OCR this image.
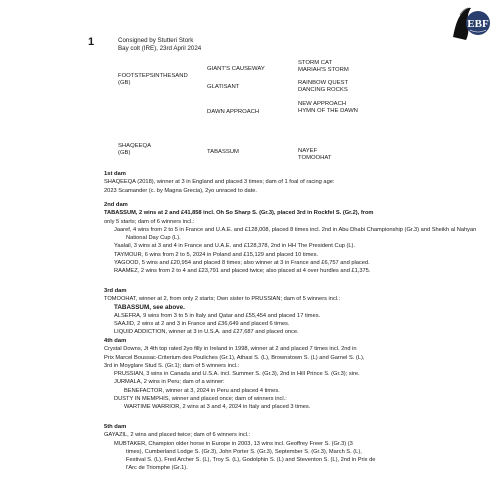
EBF
1	Consigned by Stutteri Stork
Bay colt (IRE), 23rd April 2024
FOOTSTEPSINTHESAND
(GB)
GIANT'S CAUSEWAY
GLATISANT
STORM CAT
MARIAH'S STORM
RAINBOW QUEST
DANCING ROCKS
SHAQEEQA
(GB)
DAWN APPROACH
TABASSUM
NEW APPROACH
HYMN OF THE DAWN
NAYEF
TOMOOHAT

1st dam

SHAQEEQA (2018), winner at 3 in England and placed 3 times; dam of 1 foal of racing age:

2023 Scamander (c. by Magna Grecia), 2yo unraced to date.

2nd dam

TABASSUM, 2 wins at 2 and £41,858 incl. Oh So Sharp S. (Gr.3), placed 3rd in Rockfel S. (Gr.2), from

only 5 starts; dam of 6 winners incl.:

Jaaref, 4 wins from 2 to 5 in France and U.A.E. and £128,008, placed 8 times incl. 2nd in Abu Dhabi Championship (Gr.3) and Sheikh al Nahyan National Day Cup (L).

Yaalail, 3 wins at 3 and 4 in France and U.A.E. and £128,378, 2nd in HH The President Cup (L).

TAYMOUR, 6 wins from 2 to 5, 2024 in Poland and £15,129 and placed 10 times.

YAGOOD, 5 wins and £20,954 and placed 8 times; also winner at 3 in France and £6,757 and placed.

RAAMEZ, 2 wins from 2 to 4 and £23,791 and placed twice; also placed at 4 over hurdles and £1,375.

3rd dam

TOMOOHAT, winner at 2, from only 2 starts; Own sister to PRUSSIAN; dam of 5 winners incl.:

TABASSUM, see above.

ALSEFRA, 9 wins from 3 to 5 in Italy and Qatar and £55,454 and placed 17 times.

SAAJID, 2 wins at 2 and 3 in France and £36,649 and placed 6 times.

LIQUID ADDICTION, winner at 3 in U.S.A. and £27,687 and placed once.

4th dam

Crystal Downs, Jt 4th top rated 2yo filly in Ireland in 1998, winner at 2 and placed 7 times incl. 2nd in

Prix Marcel Boussac-Criterium des Pouliches (Gr.1), Athasi S. (L), Brownstown S. (L) and Garnel S. (L),

3rd in Moyglare Stud S. (Gr.1); dam of 5 winners incl.:

PRUSSIAN, 3 wins in Canada and U.S.A. incl. Summer S. (Gr.3), 2nd in Hill Prince S. (Gr.3); sire.

JURMALA, 2 wins in Peru; dam of a winner:

BENEFACTOR, winner at 3, 2024 in Peru and placed 4 times.

DUSTY IN MEMPHIS, winner and placed once; dam of winners incl.:

WARTIME WARRIOR, 2 wins at 3 and 4, 2024 in Italy and placed 3 times.

5th dam

GAYAZIL, 2 wins and placed twice; dam of 6 winners incl.:

MUBTAKER, Champion older horse in Europe in 2003, 13 wins incl. Geoffrey Freer S. (Gr.3) (3

times), Cumberland Lodge S. (Gr.3), John Porter S. (Gr.3), September S. (Gr.3), March S. (L),

Festival S. (L), Fred Archer S. (L), Troy S. (L), Godolphin S. (L) and Steventon S. (L), 2nd in Prix de

l'Arc de Triomphe (Gr.1).
